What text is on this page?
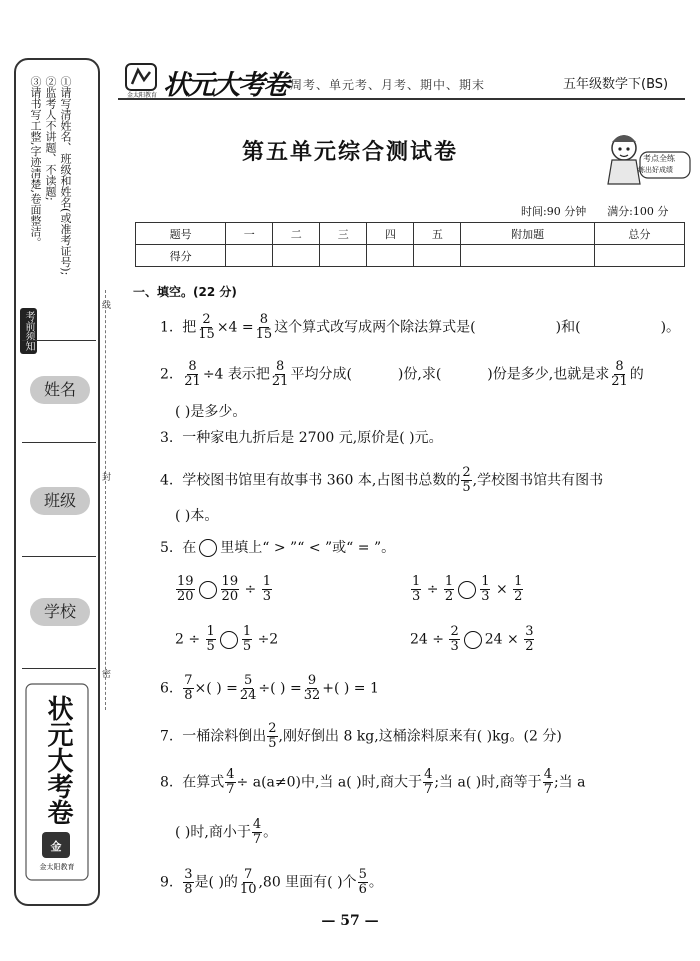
①请写清姓名、班级和姓名(或准考证号);
②监考人不讲题、不读题;
③请书写工整,字迹清楚,卷面整洁。
考前须知
姓名
班级
学校
金
状元大考卷
金太阳教育
线
封
密
金太阳教育 状元大考卷 周考、单元考、月考、期中、期末	五年级数学下(BS)
第五单元综合测试卷	考点全练
练出好成绩
时间:90 分钟 满分:100 分
题号	一	二	三	四	五	附加题	总分
得分							
一、填空。(22 分)
1. 把 $\frac{2}{15} \times 4 = \frac{8}{15}$ 这个算式改写成两个除法算式是(	)和(	)。
2. $\frac{8}{21} \div 4$ 表示把 $\frac{8}{21}$ 平均分成(	)份,求(	)份是多少,也就是求 $\frac{8}{21}$ 的
( )是多少。
3. 一种家电九折后是 2700 元,原价是( )元。
4. 学校图书馆里有故事书 360 本,占图书总数的 $\frac{2}{5}$ ,学校图书馆共有图书
( )本。
5. 在 里填上“ > ”“ < ”或“ = ”。
$\frac{19}{20} \frac{19}{20} \div \frac{1}{3}$	$\frac{1}{3} \div \frac{1}{2} \frac{1}{3} \times \frac{1}{2}$
$2 \div \frac{1}{5} \frac{1}{5} \div 2$	$24 \div \frac{2}{3} 24 \times \frac{3}{2}$
6. $\frac{7}{8}$ ×( ) = $\frac{5}{24}$ ÷( ) = $\frac{9}{32}$ +( ) = 1
7. 一桶涂料倒出 $\frac{2}{5}$ ,刚好倒出 8 kg,这桶涂料原来有( )kg。(2 分)
8. 在算式 $\frac{4}{7} \div a(a\ne 0)$中,当 a( )时,商大于 $\frac{4}{7}$ ;当 a( )时,商等于 $\frac{4}{7}$ ;当 a
( )时,商小于 $\frac{4}{7}$ 。
9. $\frac{3}{8}$ 是( )的 $\frac{7}{10} ,80$ 里面有( )个 $\frac{5}{6}$ 。
— 57 —
